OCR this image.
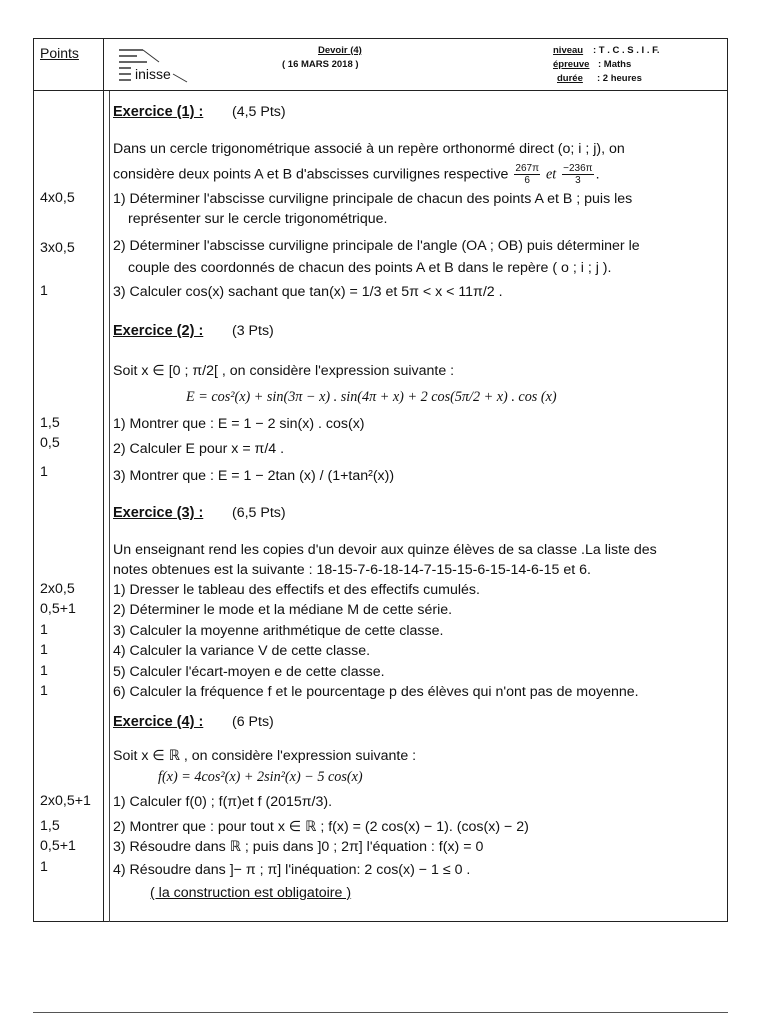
Points
inisse
Devoir (4)
( 16 MARS 2018 )
niveau : T . C . S . I . F.
épreuve : Maths
durée : 2 heures
Exercice (1) : (4,5 Pts)
Dans un cercle trigonométrique associé à un repère orthonormé direct (o; i ; j), on
considère deux points A et B d'abscisses curvilignes respective $\frac{267\pi}{6}$ et $\frac{-236\pi}{3}$ .
1) Déterminer l'abscisse curviligne principale de chacun des points A et B ; puis les
représenter sur le cercle trigonométrique.
2) Déterminer l'abscisse curviligne principale de l'angle (OA ; OB) puis déterminer le
couple des coordonnés de chacun des points A et B dans le repère ( o ; i ; j ).
3) Calculer cos(x) sachant que tan(x) = 1/3 et 5π < x < 11π/2 .
Exercice (2) : (3 Pts)
Soit x ∈ [0 ; π/2[ , on considère l'expression suivante :
E = cos²(x) + sin(3π − x) . sin(4π + x) + 2 cos(5π/2 + x) . cos (x)
1) Montrer que : E = 1 − 2 sin(x) . cos(x)
2) Calculer E pour x = π/4 .
3) Montrer que : E = 1 − 2tan (x) / (1+tan²(x))
Exercice (3) : (6,5 Pts)
Un enseignant rend les copies d'un devoir aux quinze élèves de sa classe .La liste des
notes obtenues est la suivante : 18-15-7-6-18-14-7-15-15-6-15-14-6-15 et 6.
1) Dresser le tableau des effectifs et des effectifs cumulés.
2) Déterminer le mode et la médiane M de cette série.
3) Calculer la moyenne arithmétique de cette classe.
4) Calculer la variance V de cette classe.
5) Calculer l'écart-moyen e de cette classe.
6) Calculer la fréquence f et le pourcentage p des élèves qui n'ont pas de moyenne.
Exercice (4) : (6 Pts)
Soit x ∈ ℝ , on considère l'expression suivante :
f(x) = 4cos²(x) + 2sin²(x) − 5 cos(x)
1) Calculer f(0) ; f(π)et f (2015π/3).
2) Montrer que : pour tout x ∈ ℝ ; f(x) = (2 cos(x) − 1). (cos(x) − 2)
3) Résoudre dans ℝ ; puis dans ]0 ; 2π] l'équation : f(x) = 0
4) Résoudre dans ]− π ; π] l'inéquation: 2 cos(x) − 1 ≤ 0 .
( la construction est obligatoire )
4x0,5
3x0,5
1
1,5
0,5
1
2x0,5
0,5+1
1
1
1
1
2x0,5+1
1,5
0,5+1
1
